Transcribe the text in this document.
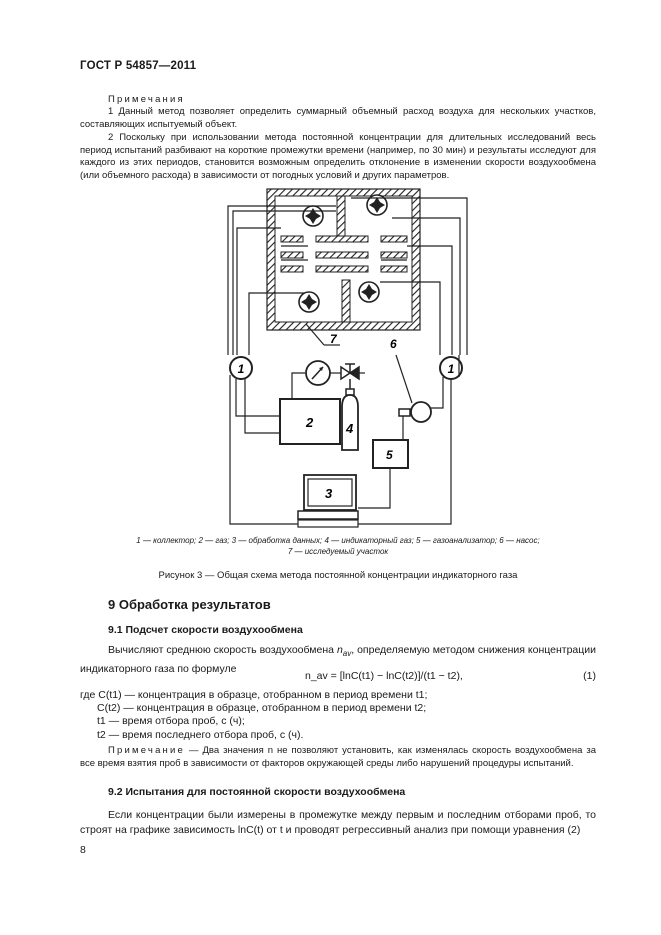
ГОСТ Р 54857—2011
Примечания
1 Данный метод позволяет определить суммарный объемный расход воздуха для нескольких участков, составляющих испытуемый объект.
2 Поскольку при использовании метода постоянной концентрации для длительных исследований весь период испытаний разбивают на короткие промежутки времени (например, по 30 мин) и результаты исследуют для каждого из этих периодов, становится возможным определить отклонение в изменении скорости воздухообмена (или объемного расхода) в зависимости от погодных условий и других параметров.
1	1
2	4
6
5
3
7
1 — коллектор; 2 — газ; 3 — обработка данных; 4 — индикаторный газ; 5 — газоанализатор; 6 — насос;
7 — исследуемый участок
Рисунок 3 — Общая схема метода постоянной концентрации индикаторного газа
9 Обработка результатов
9.1 Подсчет скорости воздухообмена
Вычисляют среднюю скорость воздухообмена $n_{av}$, определяемую методом снижения концентрации индикаторного газа по формуле
n_av = [lnC(t1) − lnC(t2)]/(t1 − t2),	(1)
где C(t1) — концентрация в образце, отобранном в период времени t1;
C(t2) — концентрация в образце, отобранном в период времени t2;
t1 — время отбора проб, с (ч);
t2 — время последнего отбора проб, с (ч).
Примечание — Два значения n не позволяют установить, как изменялась скорость воздухообмена за все время взятия проб в зависимости от факторов окружающей среды либо нарушений процедуры испытаний.
9.2 Испытания для постоянной скорости воздухообмена
Если концентрации были измерены в промежутке между первым и последним отборами проб, то строят на графике зависимость lnC(t) от t и проводят регрессивный анализ при помощи уравнения (2)
8
